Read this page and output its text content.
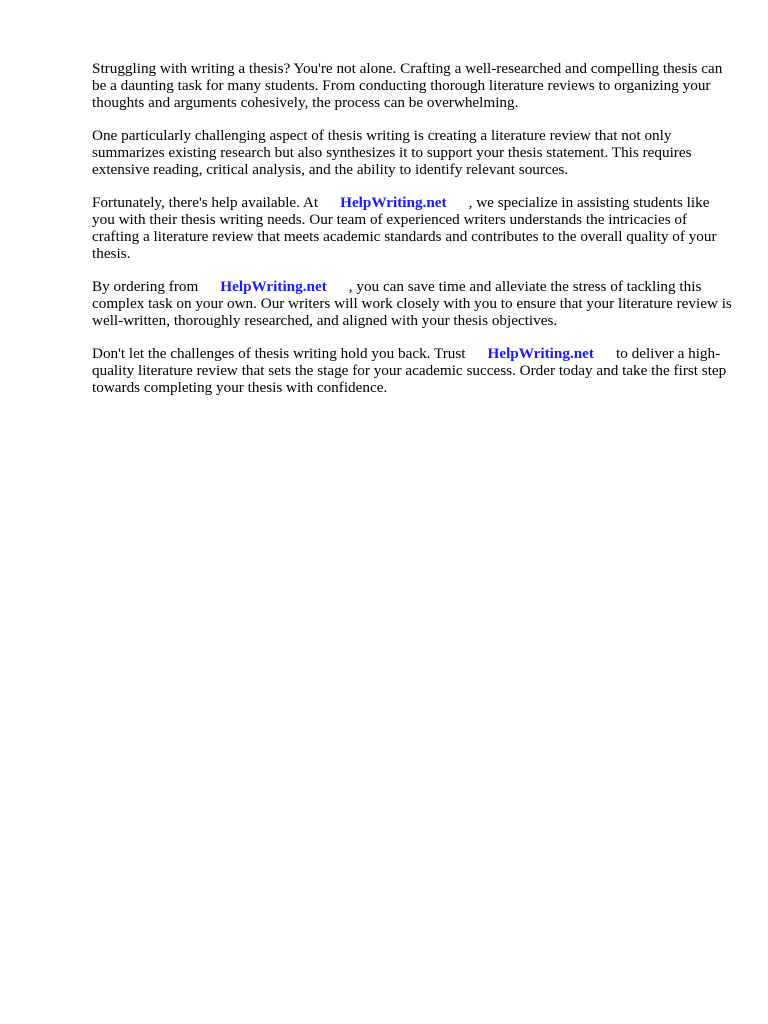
Struggling with writing a thesis? You're not alone. Crafting a well-researched and compelling thesis can be a daunting task for many students. From conducting thorough literature reviews to organizing your thoughts and arguments cohesively, the process can be overwhelming.

One particularly challenging aspect of thesis writing is creating a literature review that not only summarizes existing research but also synthesizes it to support your thesis statement. This requires extensive reading, critical analysis, and the ability to identify relevant sources.

Fortunately, there's help available. At HelpWriting.net , we specialize in assisting students like you with their thesis writing needs. Our team of experienced writers understands the intricacies of crafting a literature review that meets academic standards and contributes to the overall quality of your thesis.

By ordering from HelpWriting.net , you can save time and alleviate the stress of tackling this complex task on your own. Our writers will work closely with you to ensure that your literature review is well-written, thoroughly researched, and aligned with your thesis objectives.

Don't let the challenges of thesis writing hold you back. Trust HelpWriting.net to deliver a high-quality literature review that sets the stage for your academic success. Order today and take the first step towards completing your thesis with confidence.
